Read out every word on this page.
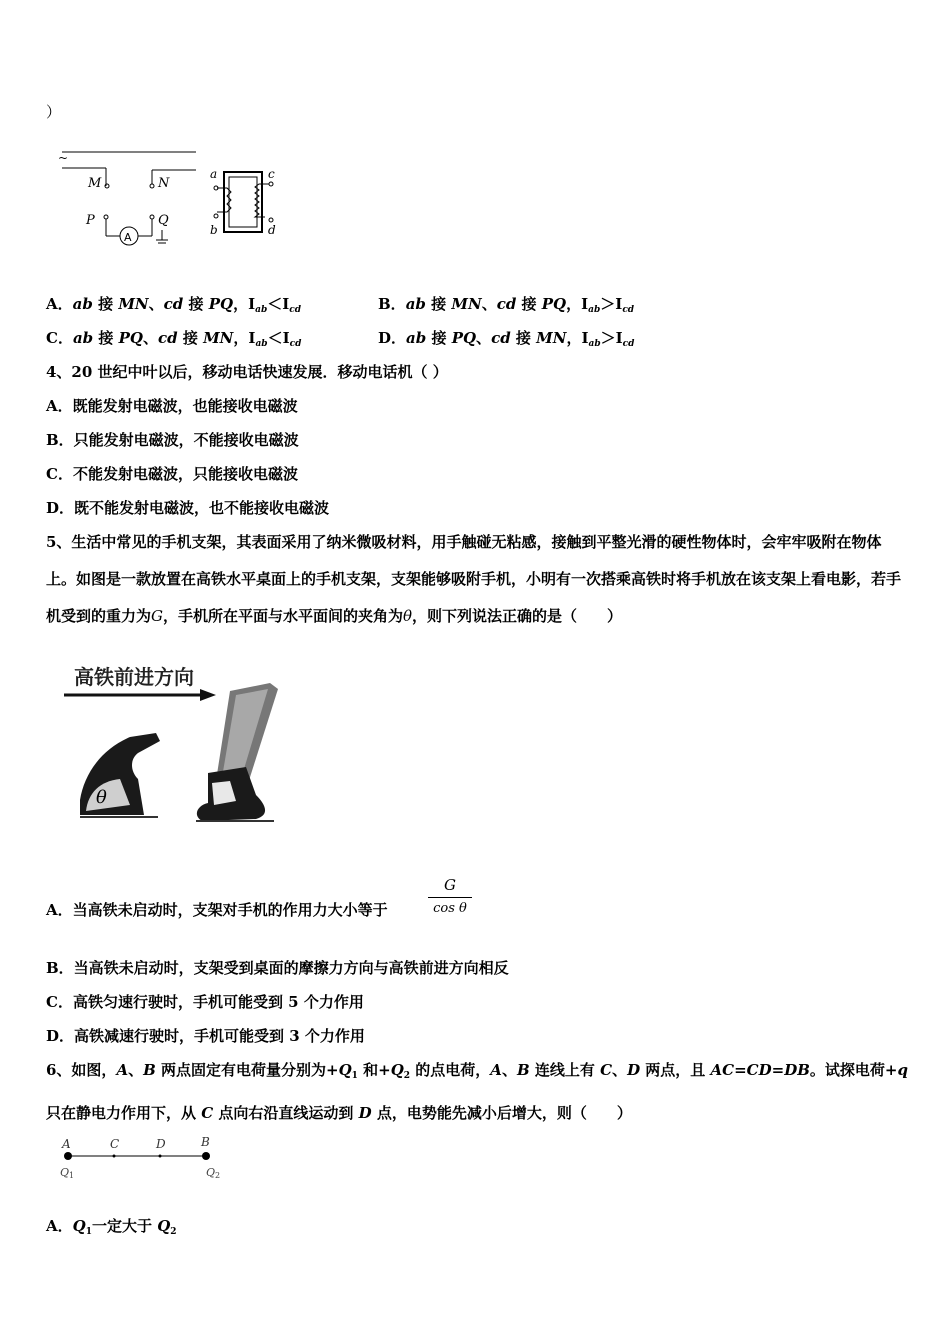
）
~
M	N
P
A
Q
a
b
c
d
A．ab 接 MN、cd 接 PQ，$I_{ab}<I_{cd}$	B．ab 接 MN、cd 接 PQ，$I_{ab}>I_{cd}$
C．ab 接 PQ、cd 接 MN，$I_{ab}<I_{cd}$	D．ab 接 PQ、cd 接 MN，$I_{ab}>I_{cd}$
4、20 世纪中叶以后，移动电话快速发展．移动电话机（ ）
A．既能发射电磁波，也能接收电磁波
B．只能发射电磁波，不能接收电磁波
C．不能发射电磁波，只能接收电磁波
D．既不能发射电磁波，也不能接收电磁波
5、生活中常见的手机支架，其表面采用了纳米微吸材料，用手触碰无粘感，接触到平整光滑的硬性物体时，会牢牢吸附在物体上。如图是一款放置在高铁水平桌面上的手机支架，支架能够吸附手机，小明有一次搭乘高铁时将手机放在该支架上看电影，若手机受到的重力为G，手机所在平面与水平面间的夹角为θ，则下列说法正确的是（　　）
高铁前进方向
θ
A．当高铁未启动时，支架对手机的作用力大小等于
G
cos θ
B．当高铁未启动时，支架受到桌面的摩擦力方向与高铁前进方向相反
C．高铁匀速行驶时，手机可能受到 5 个力作用
D．高铁减速行驶时，手机可能受到 3 个力作用
6、如图，A、B 两点固定有电荷量分别为$+Q_1$ 和$+Q_2$ 的点电荷，A、B 连线上有 C、D 两点，且 AC=CD=DB。试探电荷+q 只在静电力作用下，从 C 点向右沿直线运动到 D 点，电势能先减小后增大，则（　　）
A	C	D	B
Q 1	Q 2
A．$Q_1$一定大于 $Q_2$
